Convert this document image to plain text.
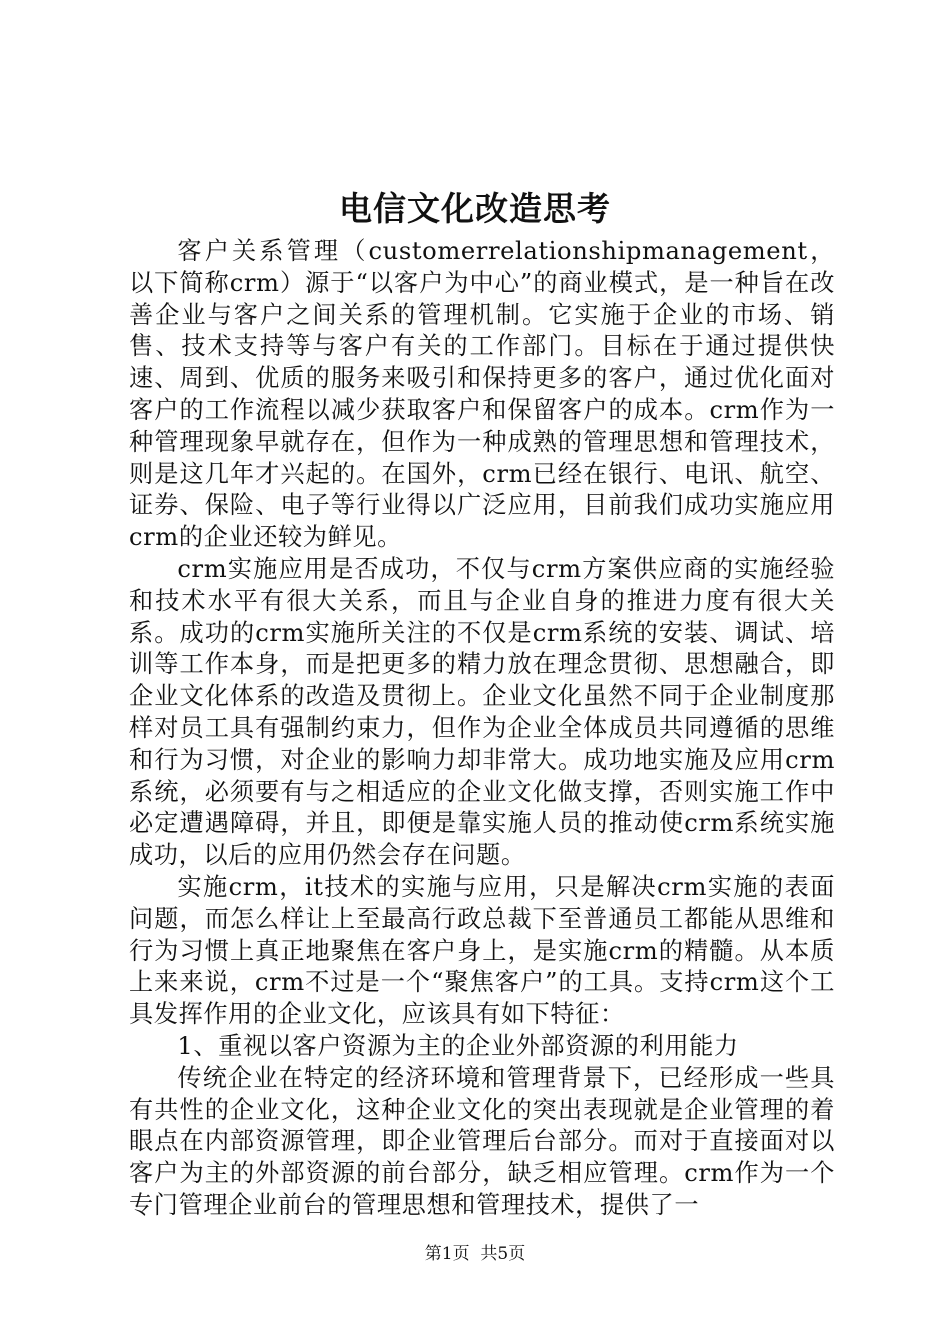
电信文化改造思考

客户关系管理（customerrelationshipmanagement，以下简称crm）源于“以客户为中心”的商业模式，是一种旨在改善企业与客户之间关系的管理机制。它实施于企业的市场、销售、技术支持等与客户有关的工作部门。目标在于通过提供快速、周到、优质的服务来吸引和保持更多的客户，通过优化面对客户的工作流程以减少获取客户和保留客户的成本。crm作为一种管理现象早就存在，但作为一种成熟的管理思想和管理技术，则是这几年才兴起的。在国外，crm已经在银行、电讯、航空、证券、保险、电子等行业得以广泛应用，目前我们成功实施应用crm的企业还较为鲜见。

crm实施应用是否成功，不仅与crm方案供应商的实施经验和技术水平有很大关系，而且与企业自身的推进力度有很大关系。成功的crm实施所关注的不仅是crm系统的安装、调试、培训等工作本身，而是把更多的精力放在理念贯彻、思想融合，即企业文化体系的改造及贯彻上。企业文化虽然不同于企业制度那样对员工具有强制约束力，但作为企业全体成员共同遵循的思维和行为习惯，对企业的影响力却非常大。成功地实施及应用crm系统，必须要有与之相适应的企业文化做支撑，否则实施工作中必定遭遇障碍，并且，即便是靠实施人员的推动使crm系统实施成功，以后的应用仍然会存在问题。

实施crm，it技术的实施与应用，只是解决crm实施的表面问题，而怎么样让上至最高行政总裁下至普通员工都能从思维和行为习惯上真正地聚焦在客户身上，是实施crm的精髓。从本质上来来说，crm不过是一个“聚焦客户”的工具。支持crm这个工具发挥作用的企业文化，应该具有如下特征：

1、重视以客户资源为主的企业外部资源的利用能力

传统企业在特定的经济环境和管理背景下，已经形成一些具有共性的企业文化，这种企业文化的突出表现就是企业管理的着眼点在内部资源管理，即企业管理后台部分。而对于直接面对以客户为主的外部资源的前台部分，缺乏相应管理。crm作为一个专门管理企业前台的管理思想和管理技术，提供了一

第1页 共5页
